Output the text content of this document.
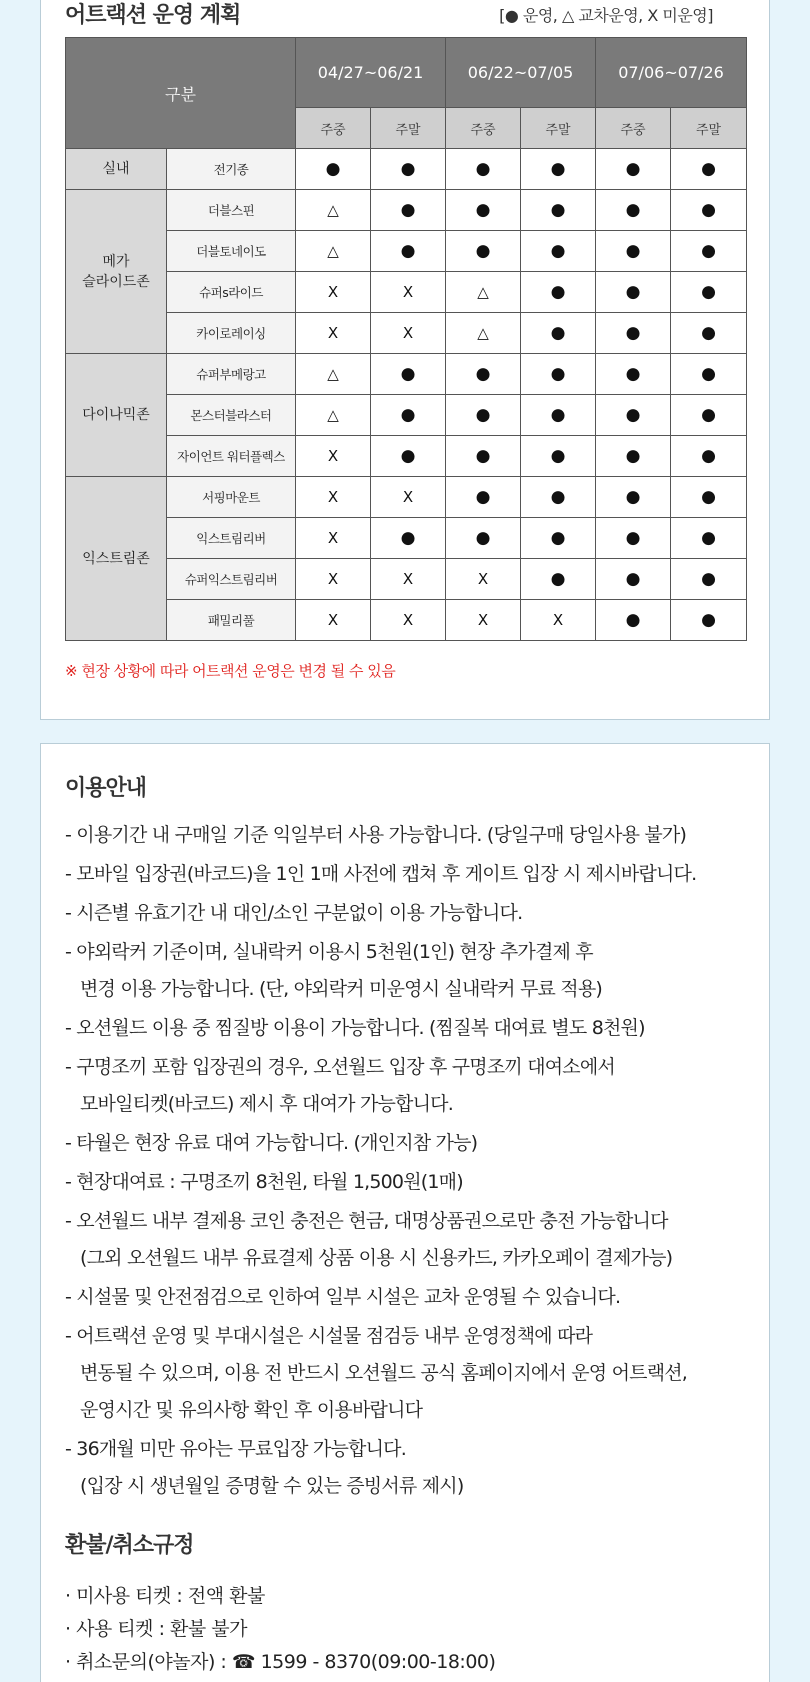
어트랙션 운영 계획	[● 운영, △ 교차운영, X 미운영]
구분		04/27~06/21		06/22~07/05		07/06~07/26	
		주중	주말	주중	주말	주중	주말
실내	전기종	●	●	●	●	●	●
메가
슬라이드존	더블스핀	△	●	●	●	●	●
	더블토네이도	△	●	●	●	●	●
	슈퍼s라이드	X	X	△	●	●	●
	카이로레이싱	X	X	△	●	●	●
다이나믹존	슈퍼부메랑고	△	●	●	●	●	●
	몬스터블라스터	△	●	●	●	●	●
	자이언트 워터플렉스	X	●	●	●	●	●
익스트림존	서핑마운트	X	X	●	●	●	●
	익스트림리버	X	●	●	●	●	●
	슈퍼익스트림리버	X	X	X	●	●	●
	패밀리풀	X	X	X	X	●	●
※ 현장 상황에 따라 어트랙션 운영은 변경 될 수 있음
이용안내
- 이용기간 내 구매일 기준 익일부터 사용 가능합니다. (당일구매 당일사용 불가)
- 모바일 입장권(바코드)을 1인 1매 사전에 캡쳐 후 게이트 입장 시 제시바랍니다.
- 시즌별 유효기간 내 대인/소인 구분없이 이용 가능합니다.
- 야외락커 기준이며, 실내락커 이용시 5천원(1인) 현장 추가결제 후
변경 이용 가능합니다. (단, 야외락커 미운영시 실내락커 무료 적용)
- 오션월드 이용 중 찜질방 이용이 가능합니다. (찜질복 대여료 별도 8천원)
- 구명조끼 포함 입장권의 경우, 오션월드 입장 후 구명조끼 대여소에서
모바일티켓(바코드) 제시 후 대여가 가능합니다.
- 타월은 현장 유료 대여 가능합니다. (개인지참 가능)
- 현장대여료 : 구명조끼 8천원, 타월 1,500원(1매)
- 오션월드 내부 결제용 코인 충전은 현금, 대명상품권으로만 충전 가능합니다
(그외 오션월드 내부 유료결제 상품 이용 시 신용카드, 카카오페이 결제가능)
- 시설물 및 안전점검으로 인하여 일부 시설은 교차 운영될 수 있습니다.
- 어트랙션 운영 및 부대시설은 시설물 점검등 내부 운영정책에 따라
변동될 수 있으며, 이용 전 반드시 오션월드 공식 홈페이지에서 운영 어트랙션,
운영시간 및 유의사항 확인 후 이용바랍니다
- 36개월 미만 유아는 무료입장 가능합니다.
(입장 시 생년월일 증명할 수 있는 증빙서류 제시)
환불/취소규정
· 미사용 티켓 : 전액 환불
· 사용 티켓 : 환불 불가
· 취소문의(야놀자) : ☎ 1599 - 8370(09:00-18:00)
